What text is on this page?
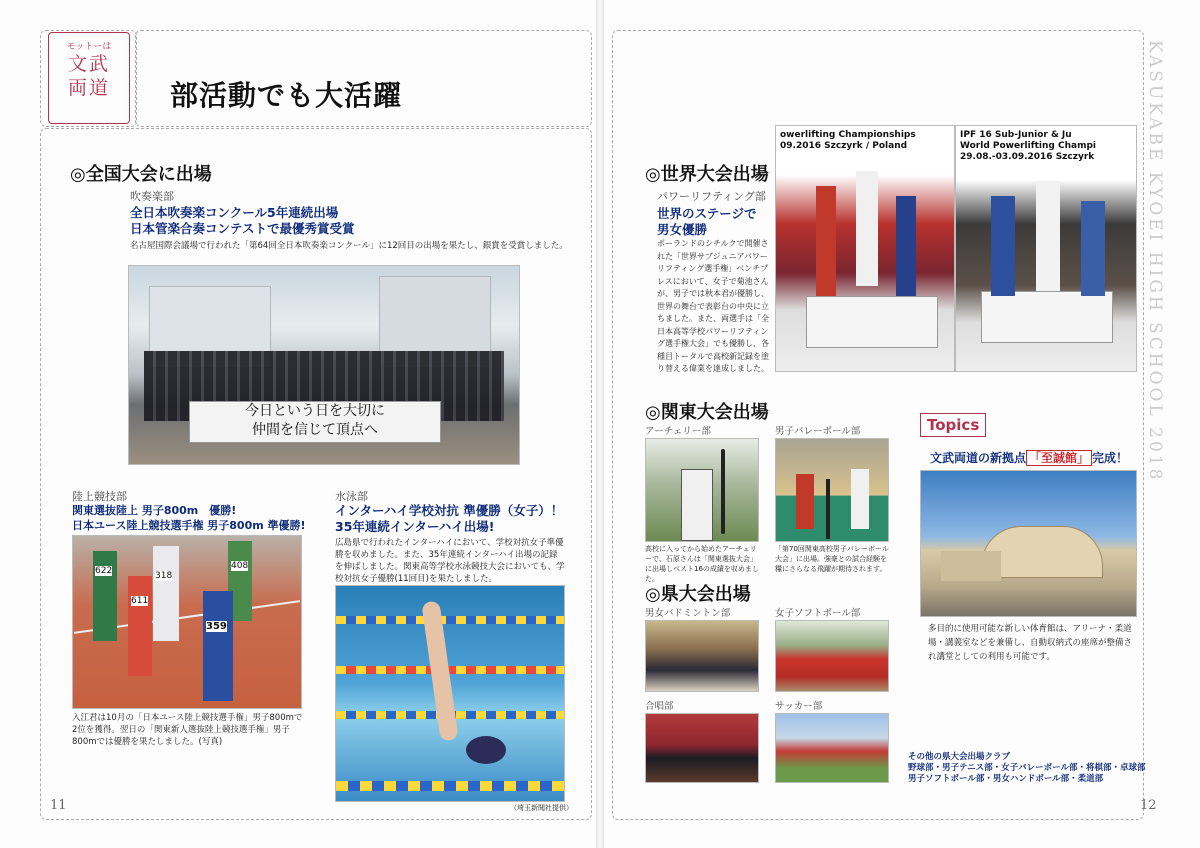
モットーは
文武
両道	部活動でも大活躍
◎全国大会に出場
吹奏楽部
全日本吹奏楽コンクール5年連続出場
日本管楽合奏コンテストで最優秀賞受賞
名古屋国際会議場で行われた「第64回全日本吹奏楽コンクール」に12回目の出場を果たし、銀賞を受賞しました。
今日という日を大切に
仲間を信じて頂点へ
陸上競技部
関東選抜陸上 男子800m　優勝!
日本ユース陸上競技選手権 男子800m 準優勝!
622	318
408
611
359
入江君は10月の「日本ユース陸上競技選手権」男子800mで2位を獲得。翌日の「関東新人選抜陸上競技選手権」男子800mでは優勝を果たしました。(写真)
水泳部
インターハイ学校対抗 準優勝（女子）！
35年連続インターハイ出場!
広島県で行われたインターハイにおいて、学校対抗女子準優勝を収めました。また、35年連続インターハイ出場の記録を伸ばしました。関東高等学校水泳競技大会においても、学校対抗女子優勝(11回目)を果たしました。
（埼玉新聞社提供）
11
KASUKABE KYOEI HIGH SCHOOL 2018
◎世界大会出場
パワーリフティング部
世界のステージで
男女優勝
ポーランドのシチルクで開催された「世界サブジュニアパワーリフティング選手権」ベンチプレスにおいて、女子で菊池さんが、男子では秋本君が優勝し、世界の舞台で表彰台の中央に立ちました。また、両選手は「全日本高等学校パワーリフティング選手権大会」でも優勝し、各種目トータルで高校新記録を塗り替える偉業を達成しました。
owerlifting Championships
09.2016 Szczyrk / Poland
IPF 16 Sub-Junior & Ju
World Powerlifting Champi
29.08.-03.09.2016 Szczyrk
◎関東大会出場
アーチェリー部
高校に入ってから始めたアーチェリーで、石原さんは「関東選抜大会」に出場しベスト16の成績を収めました。
男子バレーボール部
「第70回関東高校男子バレーボール大会」に出場。強豪との試合経験を糧にさらなる飛躍が期待されます。
◎県大会出場
男女バドミントン部	女子ソフトボール部
合唱部	サッカー部
その他の県大会出場クラブ
野球部・男子テニス部・女子バレーボール部・将棋部・卓球部
男子ソフトボール部・男女ハンドボール部・柔道部
Topics
文武両道の新拠点 「至誠館」 完成！
多目的に使用可能な新しい体育館は、アリーナ・柔道場・講義室などを兼備し、自動収納式の座席が整備され講堂としての利用も可能です。
12
